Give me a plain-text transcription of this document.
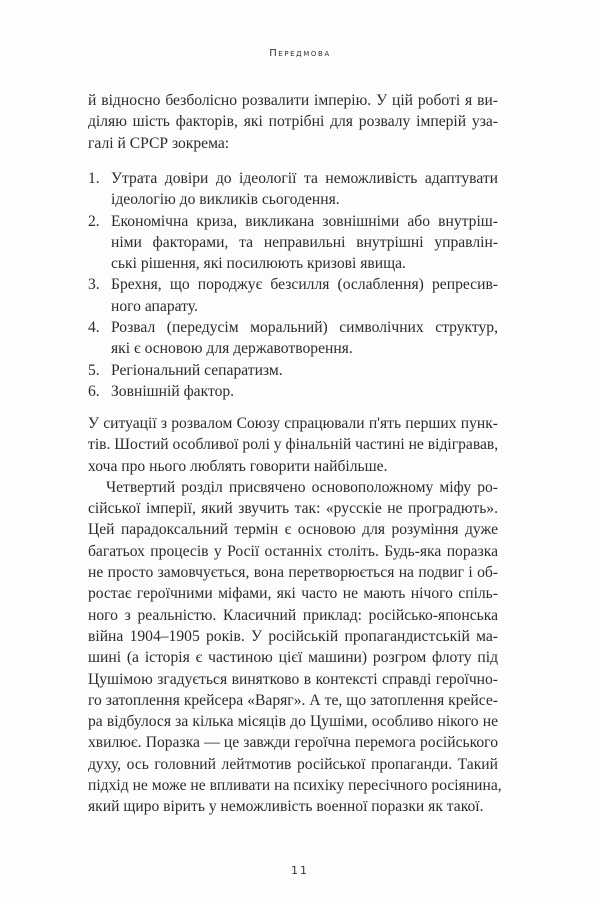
Передмова
й відносно безболісно розвалити імперію. У цій роботі я ви-
діляю шість факторів, які потрібні для розвалу імперій уза-
галі й СРСР зокрема:
1. Утрата довіри до ідеології та неможливість адаптувати
ідеологію до викликів сьогодення.
2. Економічна криза, викликана зовнішніми або внутріш-
німи факторами, та неправильні внутрішні управлін-
ські рішення, які посилюють кризові явища.
3. Брехня, що породжує безсилля (ослаблення) репресив-
ного апарату.
4. Розвал (передусім моральний) символічних структур,
які є основою для державотворення.
5. Регіональний сепаратизм.
6. Зовнішній фактор.
У ситуації з розвалом Союзу спрацювали п'ять перших пунк-
тів. Шостий особливої ролі у фінальній частині не відігравав,
хоча про нього люблять говорити найбільше.
Четвертий розділ присвячено основоположному міфу ро-
сійської імперії, який звучить так: «русскіе не проградють».
Цей парадоксальний термін є основою для розуміння дуже
багатьох процесів у Росії останніх століть. Будь-яка поразка
не просто замовчується, вона перетворюється на подвиг і об-
ростає героїчними міфами, які часто не мають нічого спіль-
ного з реальністю. Класичний приклад: російсько-японська
війна 1904–1905 років. У російській пропагандистській ма-
шині (а історія є частиною цієї машини) розгром флоту під
Цушімою згадується винятково в контексті справді героїчно-
го затоплення крейсера «Варяг». А те, що затоплення крейсе-
ра відбулося за кілька місяців до Цушіми, особливо нікого не
хвилює. Поразка — це завжди героїчна перемога російського
духу, ось головний лейтмотив російської пропаганди. Такий
підхід не може не впливати на психіку пересічного росіянина,
який щиро вірить у неможливість военної поразки як такої.
11
